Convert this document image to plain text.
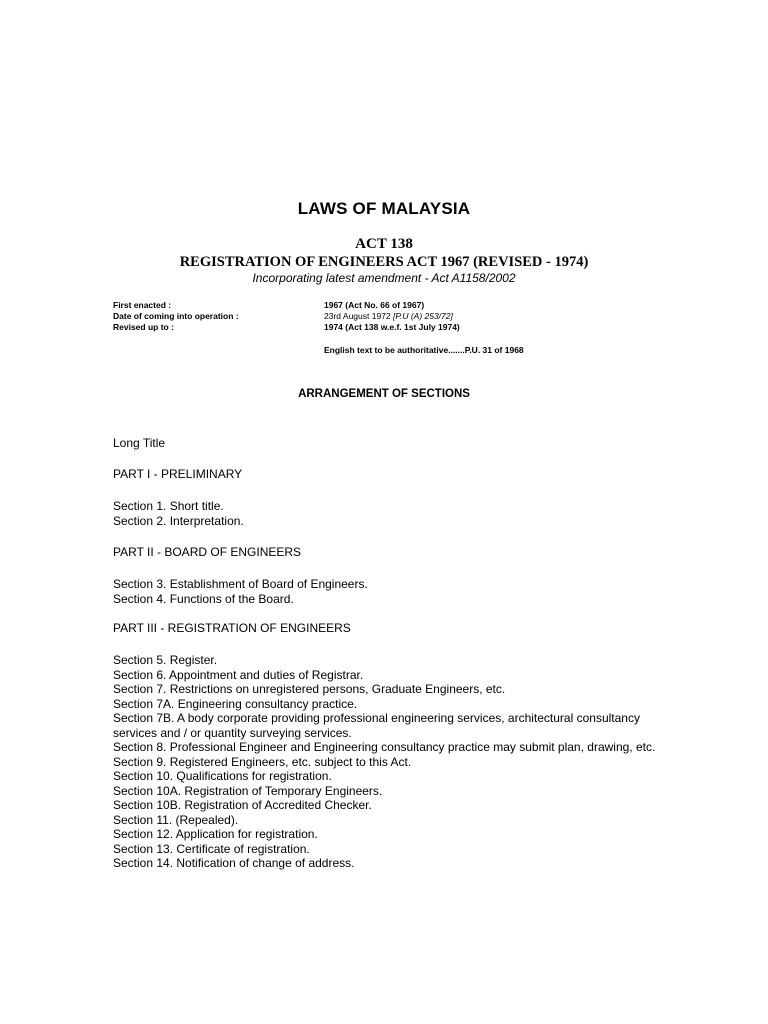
LAWS OF MALAYSIA
ACT 138
REGISTRATION OF ENGINEERS ACT 1967 (REVISED - 1974)
Incorporating latest amendment - Act A1158/2002
First enacted :
Date of coming into operation :
Revised up to :
1967 (Act No. 66 of 1967)
23rd August 1972 [P.U (A) 253/72]
1974 (Act 138 w.e.f. 1st July 1974)
English text to be authoritative.......P.U. 31 of 1968
ARRANGEMENT OF SECTIONS
Long Title
PART I - PRELIMINARY
Section 1. Short title.
Section 2. Interpretation.
PART II - BOARD OF ENGINEERS
Section 3. Establishment of Board of Engineers.
Section 4. Functions of the Board.
PART III - REGISTRATION OF ENGINEERS
Section 5. Register.
Section 6. Appointment and duties of Registrar.
Section 7. Restrictions on unregistered persons, Graduate Engineers, etc.
Section 7A. Engineering consultancy practice.
Section 7B. A body corporate providing professional engineering services, architectural consultancy services and / or quantity surveying services.
Section 8. Professional Engineer and Engineering consultancy practice may submit plan, drawing, etc.
Section 9. Registered Engineers, etc. subject to this Act.
Section 10. Qualifications for registration.
Section 10A. Registration of Temporary Engineers.
Section 10B. Registration of Accredited Checker.
Section 11. (Repealed).
Section 12. Application for registration.
Section 13. Certificate of registration.
Section 14. Notification of change of address.
